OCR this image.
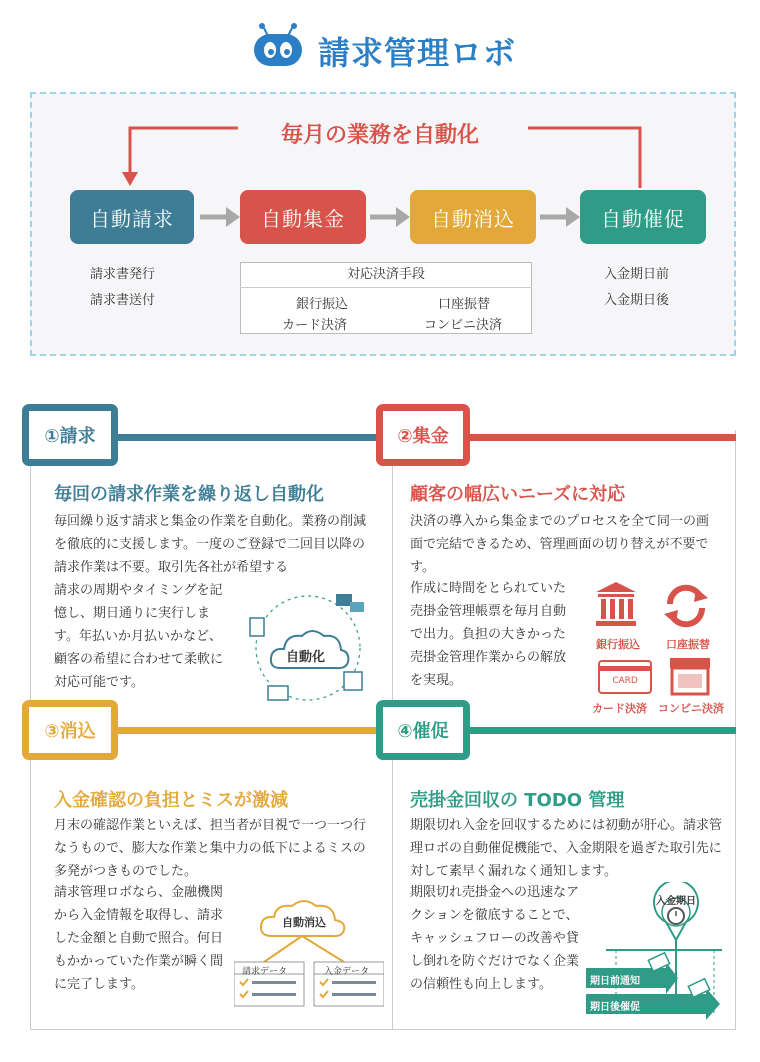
請求管理ロボ
毎月の業務を自動化
自動請求	自動集金	自動消込	自動催促
請求書発行
請求書送付
入金期日前
入金期日後
対応決済手段
銀行振込	口座振替
カード決済	コンビニ決済
①請求
毎回の請求作業を繰り返し自動化
毎回繰り返す請求と集金の作業を自動化。業務の削減を徹底的に支援します。一度のご登録で二回目以降の請求作業は不要。取引先各社が希望する
請求の周期やタイミングを記憶し、期日通りに実行します。年払いか月払いかなど、顧客の希望に合わせて柔軟に対応可能です。
自動化
②集金
顧客の幅広いニーズに対応
決済の導入から集金までのプロセスを全て同一の画面で完結できるため、管理画面の切り替えが不要です。
作成に時間をとられていた売掛金管理帳票を毎月自動で出力。負担の大きかった売掛金管理作業からの解放を実現。
銀行振込 口座振替
CARD
カード決済 コンビニ決済
③消込
入金確認の負担とミスが激減
月末の確認作業といえば、担当者が目視で一つ一つ行なうもので、膨大な作業と集中力の低下によるミスの多発がつきものでした。
請求管理ロボなら、金融機関から入金情報を取得し、請求した金額と自動で照合。何日もかかっていた作業が瞬く間に完了します。
自動消込
請求データ	入金データ
④催促
売掛金回収の TODO 管理
期限切れ入金を回収するためには初動が肝心。請求管理ロボの自動催促機能で、入金期限を過ぎた取引先に対して素早く漏れなく通知します。
期限切れ売掛金への迅速なアクションを徹底することで、キャッシュフローの改善や貸し倒れを防ぐだけでなく企業の信頼性も向上します。
入金期日
期日前通知
期日後催促
